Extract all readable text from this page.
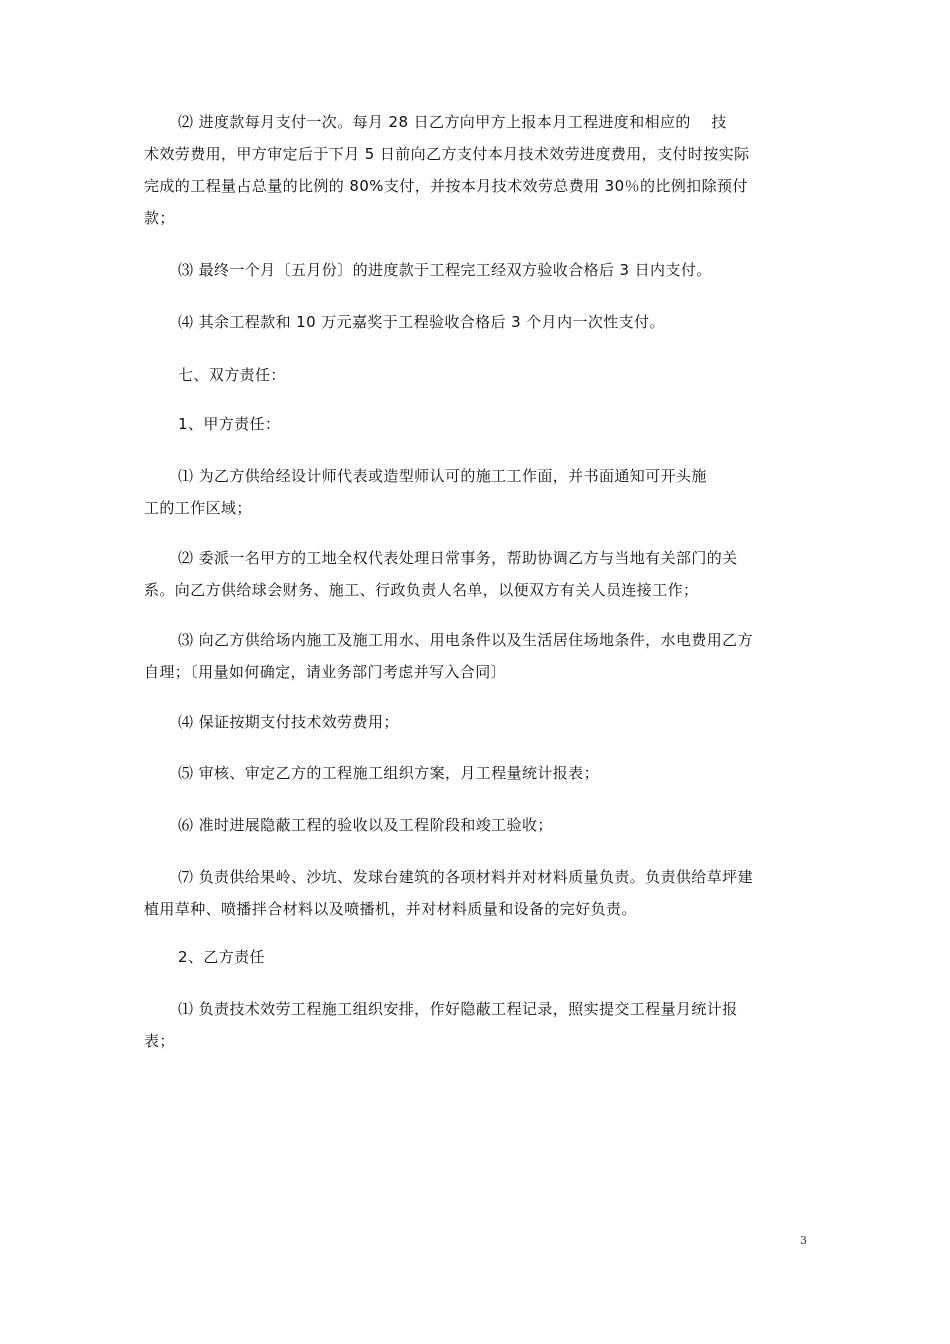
⑵ 进度款每月支付一次。每月 28 日乙方向甲方上报本月工程进度和相应的　 技
术效劳费用，甲方审定后于下月 5 日前向乙方支付本月技术效劳进度费用，支付时按实际
完成的工程量占总量的比例的 80%支付，并按本月技术效劳总费用 30％的比例扣除预付
款；
⑶ 最终一个月〔五月份〕的进度款于工程完工经双方验收合格后 3 日内支付。
⑷ 其余工程款和 10 万元嘉奖于工程验收合格后 3 个月内一次性支付。
七、双方责任：
1、甲方责任：
⑴ 为乙方供给经设计师代表或造型师认可的施工工作面，并书面通知可开头施
工的工作区域；
⑵ 委派一名甲方的工地全权代表处理日常事务，帮助协调乙方与当地有关部门的关
系。向乙方供给球会财务、施工、行政负责人名单，以便双方有关人员连接工作；
⑶ 向乙方供给场内施工及施工用水、用电条件以及生活居住场地条件，水电费用乙方
自理；〔用量如何确定，请业务部门考虑并写入合同〕
⑷ 保证按期支付技术效劳费用；
⑸ 审核、审定乙方的工程施工组织方案，月工程量统计报表；
⑹ 准时进展隐蔽工程的验收以及工程阶段和竣工验收；
⑺ 负责供给果岭、沙坑、发球台建筑的各项材料并对材料质量负责。负责供给草坪建
植用草种、喷播拌合材料以及喷播机，并对材料质量和设备的完好负责。
2、乙方责任
⑴ 负责技术效劳工程施工组织安排，作好隐蔽工程记录，照实提交工程量月统计报
表；
3
